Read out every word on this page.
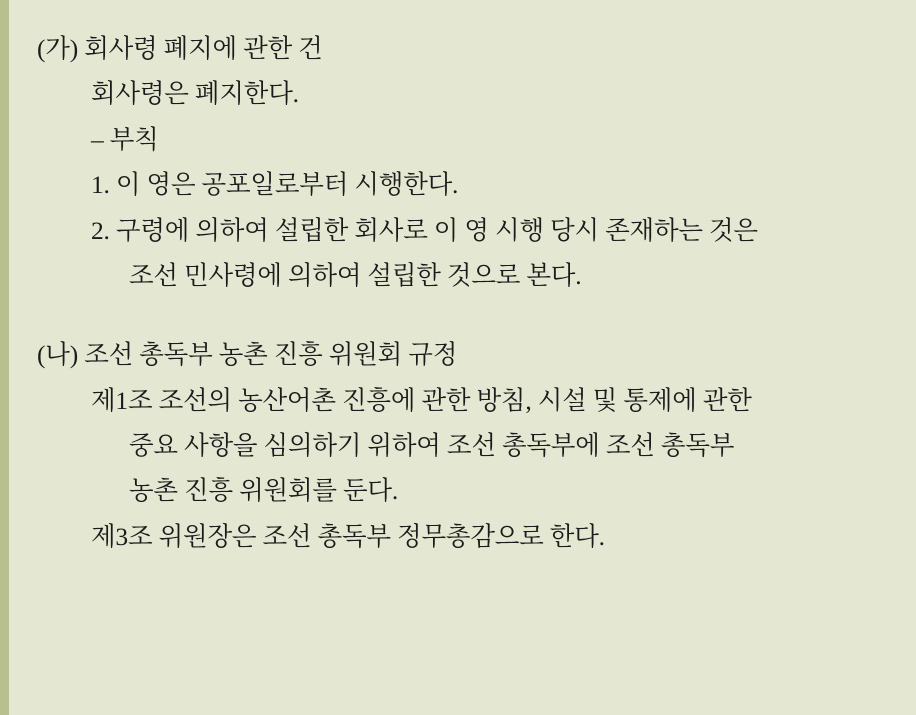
(가) 회사령 폐지에 관한 건
회사령은 폐지한다.
– 부칙
1. 이 영은 공포일로부터 시행한다.
2. 구령에 의하여 설립한 회사로 이 영 시행 당시 존재하는 것은
조선 민사령에 의하여 설립한 것으로 본다.
(나) 조선 총독부 농촌 진흥 위원회 규정
제1조 조선의 농산어촌 진흥에 관한 방침, 시설 및 통제에 관한
중요 사항을 심의하기 위하여 조선 총독부에 조선 총독부
농촌 진흥 위원회를 둔다.
제3조 위원장은 조선 총독부 정무총감으로 한다.
